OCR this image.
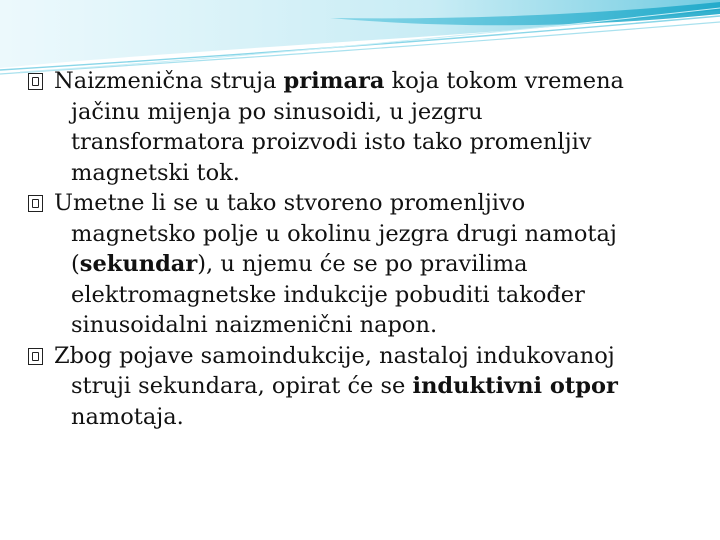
Naizmenična struja primara koja tokom vremena
jačinu mijenja po sinusoidi, u jezgru
transformatora proizvodi isto tako promenljiv
magnetski tok.
Umetne li se u tako stvoreno promenljivo
magnetsko polje u okolinu jezgra drugi namotaj
(sekundar), u njemu će se po pravilima
elektromagnetske indukcije pobuditi također
sinusoidalni naizmenični napon.
Zbog pojave samoindukcije, nastaloj indukovanoj
struji sekundara, opirat će se induktivni otpor
namotaja.
